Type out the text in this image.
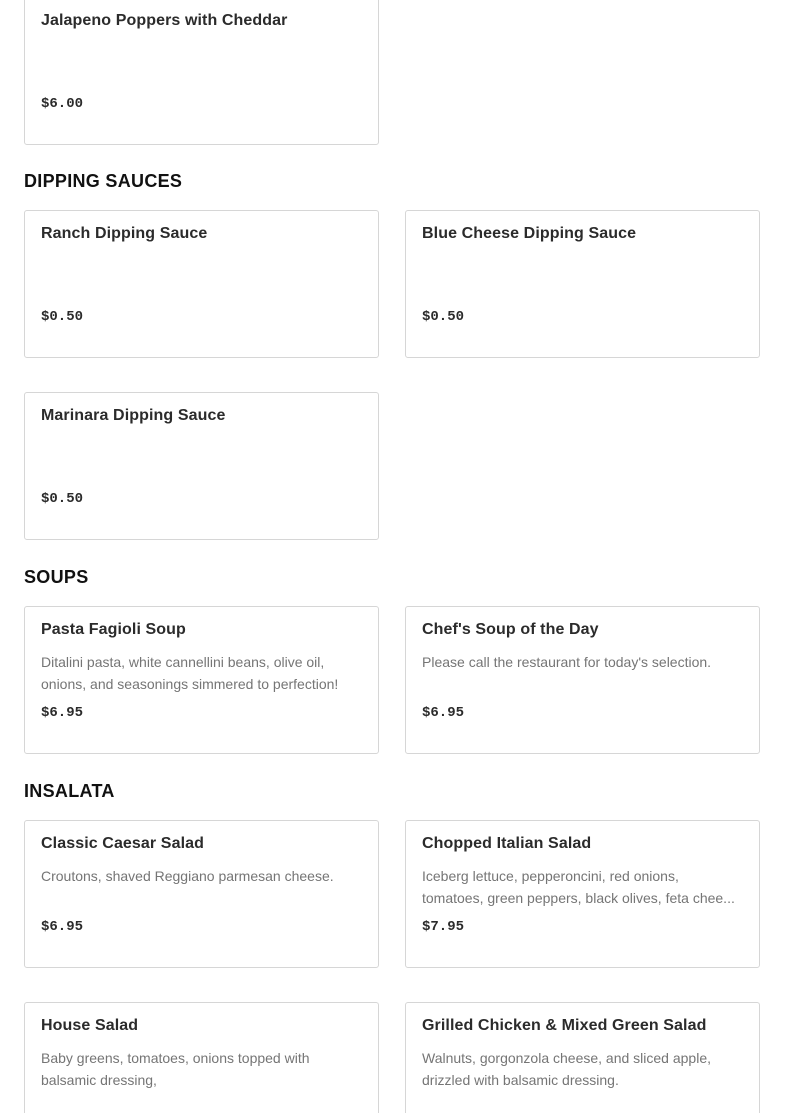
Jalapeno Poppers with Cheddar
$6.00
DIPPING SAUCES
Ranch Dipping Sauce
$0.50
Blue Cheese Dipping Sauce
$0.50
Marinara Dipping Sauce
$0.50
SOUPS
Pasta Fagioli Soup
Ditalini pasta, white cannellini beans, olive oil, onions, and seasonings simmered to perfection!
$6.95
Chef's Soup of the Day
Please call the restaurant for today's selection.
$6.95
INSALATA
Classic Caesar Salad
Croutons, shaved Reggiano parmesan cheese.
$6.95
Chopped Italian Salad
Iceberg lettuce, pepperoncini, red onions, tomatoes, green peppers, black olives, feta chee...
$7.95
House Salad
Baby greens, tomatoes, onions topped with balsamic dressing,
Grilled Chicken & Mixed Green Salad
Walnuts, gorgonzola cheese, and sliced apple, drizzled with balsamic dressing.
